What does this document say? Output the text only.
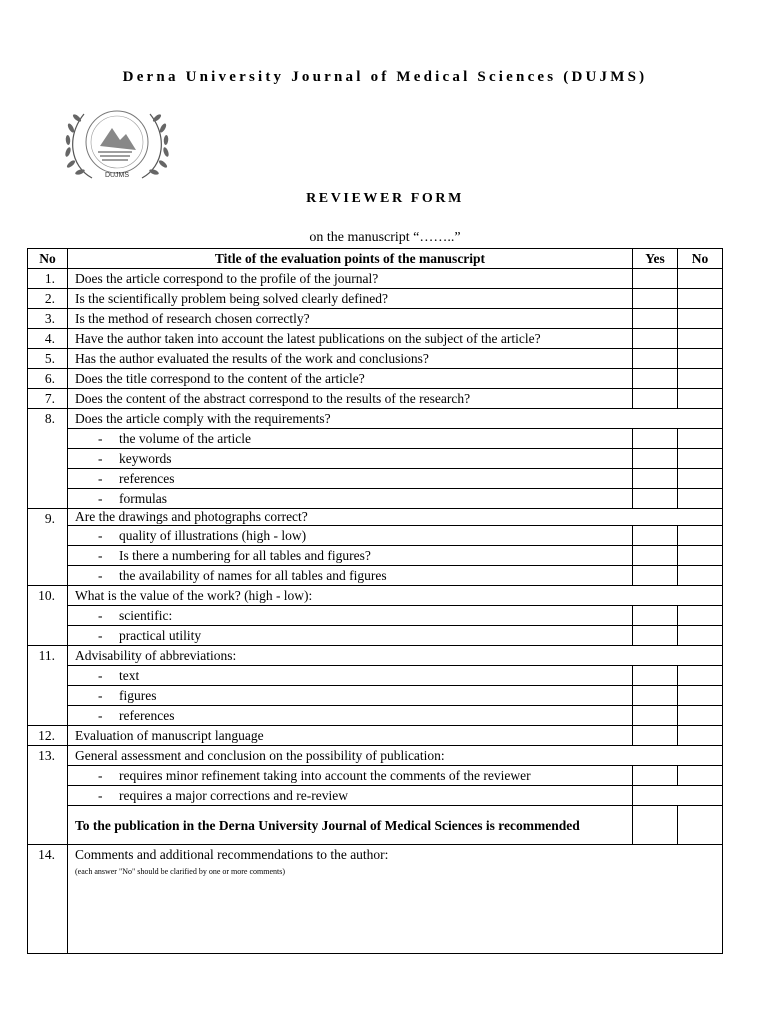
Derna University Journal of Medical Sciences (DUJMS)
DUJMS
REVIEWER FORM
on the manuscript “……..”
No	Title of the evaluation points of the manuscript	Yes	No
1.	Does the article correspond to the profile of the journal?		
2.	Is the scientifically problem being solved clearly defined?		
3.	Is the method of research chosen correctly?		
4.	Have the author taken into account the latest publications on the subject of the article?		
5.	Has the author evaluated the results of the work and conclusions?		
6.	Does the title correspond to the content of the article?		
7.	Does the content of the abstract correspond to the results of the research?		
8.	Does the article comply with the requirements?		
	- the volume of the article		
	- keywords		
	- references		
	- formulas		
9.	Are the drawings and photographs correct?		
	- quality of illustrations (high - low)		
	- Is there a numbering for all tables and figures?		
	- the availability of names for all tables and figures		
10.	What is the value of the work? (high - low):		
	- scientific:		
	- practical utility		
11.	Advisability of abbreviations:		
	- text		
	- figures		
	- references		
12.	Evaluation of manuscript language		
13.	General assessment and conclusion on the possibility of publication:		
	- requires minor refinement taking into account the comments of the reviewer		
	- requires a major corrections and re-review		
	To the publication in the Derna University Journal of Medical Sciences is recommended		
14.	Comments and additional recommendations to the author:
(each answer "No" should be clarified by one or more comments)		
